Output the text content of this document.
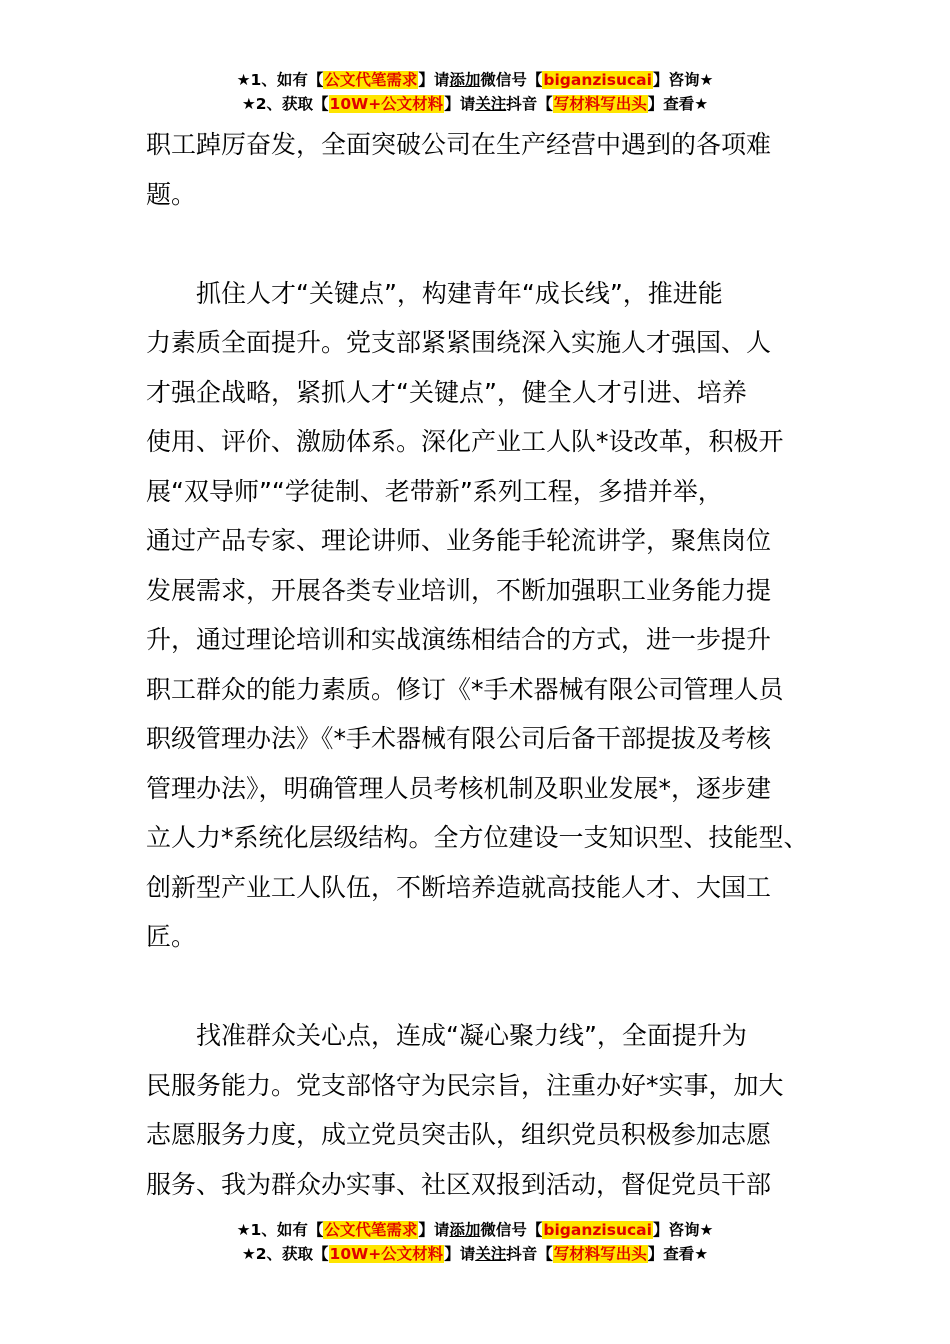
★1、如有【公文代笔需求】请添加微信号【biganzisucai】咨询★
★2、获取【10W+公文材料】请关注抖音【写材料写出头】查看★
职工踔厉奋发，全面突破公司在生产经营中遇到的各项难
题。
抓住人才“关键点”，构建青年“成长线”，推进能
力素质全面提升。党支部紧紧围绕深入实施人才强国、人
才强企战略，紧抓人才“关键点”，健全人才引进、培养
使用、评价、激励体系。深化产业工人队*设改革，积极开
展“双导师”“学徒制、老带新”系列工程，多措并举，
通过产品专家、理论讲师、业务能手轮流讲学，聚焦岗位
发展需求，开展各类专业培训，不断加强职工业务能力提
升，通过理论培训和实战演练相结合的方式，进一步提升
职工群众的能力素质。修订《*手术器械有限公司管理人员
职级管理办法》《*手术器械有限公司后备干部提拔及考核
管理办法》，明确管理人员考核机制及职业发展*，逐步建
立人力*系统化层级结构。全方位建设一支知识型、技能型、
创新型产业工人队伍，不断培养造就高技能人才、大国工
匠。
找准群众关心点，连成“凝心聚力线”，全面提升为
民服务能力。党支部恪守为民宗旨，注重办好*实事，加大
志愿服务力度，成立党员突击队，组织党员积极参加志愿
服务、我为群众办实事、社区双报到活动，督促党员干部
★1、如有【公文代笔需求】请添加微信号【biganzisucai】咨询★
★2、获取【10W+公文材料】请关注抖音【写材料写出头】查看★
